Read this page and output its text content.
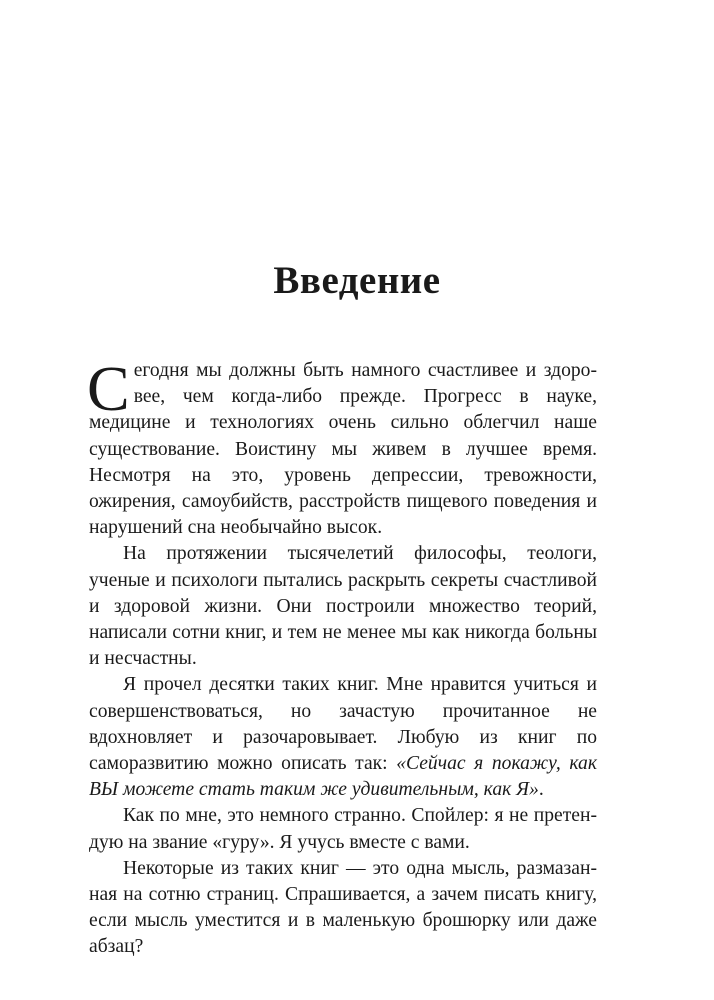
Введение

Сегодня мы должны быть намного счастливее и здоровее, чем когда-либо прежде. Прогресс в науке, медицине и технологиях очень сильно облегчил наше существование. Воистину мы живем в лучшее время. Несмотря на это, уровень депрессии, тревожности, ожирения, самоубийств, расстройств пищевого поведения и нарушений сна необычайно высок.

На протяжении тысячелетий философы, теологи, ученые и психологи пытались раскрыть секреты счастливой и здоровой жизни. Они построили множество теорий, написали сотни книг, и тем не менее мы как никогда больны и несчастны.

Я прочел десятки таких книг. Мне нравится учиться и совершенствоваться, но зачастую прочитанное не вдохновляет и разочаровывает. Любую из книг по саморазвитию можно описать так: «Сейчас я покажу, как ВЫ можете стать таким же удивительным, как Я».

Как по мне, это немного странно. Спойлер: я не претендую на звание «гуру». Я учусь вместе с вами.

Некоторые из таких книг — это одна мысль, размазанная на сотню страниц. Спрашивается, а зачем писать книгу, если мысль уместится и в маленькую брошюрку или даже абзац?
